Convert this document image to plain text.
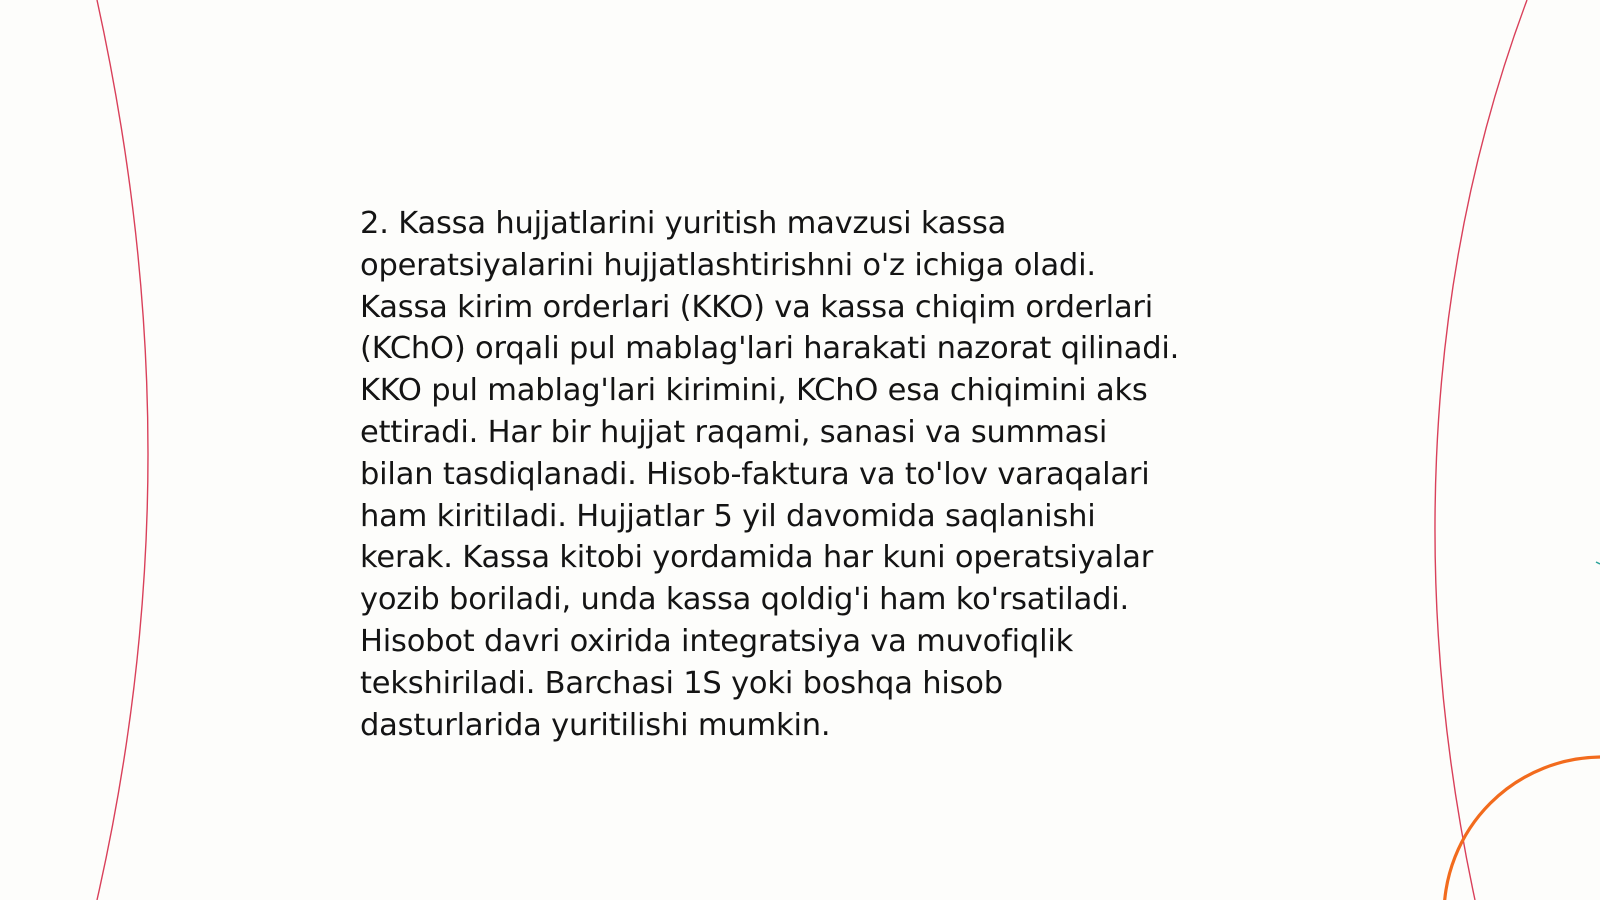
2. Kassa hujjatlarini yuritish mavzusi kassa
operatsiyalarini hujjatlashtirishni o'z ichiga oladi.
Kassa kirim orderlari (KKO) va kassa chiqim orderlari
(KChO) orqali pul mablag'lari harakati nazorat qilinadi.
KKO pul mablag'lari kirimini, KChO esa chiqimini aks
ettiradi. Har bir hujjat raqami, sanasi va summasi
bilan tasdiqlanadi. Hisob-faktura va to'lov varaqalari
ham kiritiladi. Hujjatlar 5 yil davomida saqlanishi
kerak. Kassa kitobi yordamida har kuni operatsiyalar
yozib boriladi, unda kassa qoldig'i ham ko'rsatiladi.
Hisobot davri oxirida integratsiya va muvofiqlik
tekshiriladi. Barchasi 1S yoki boshqa hisob
dasturlarida yuritilishi mumkin.
